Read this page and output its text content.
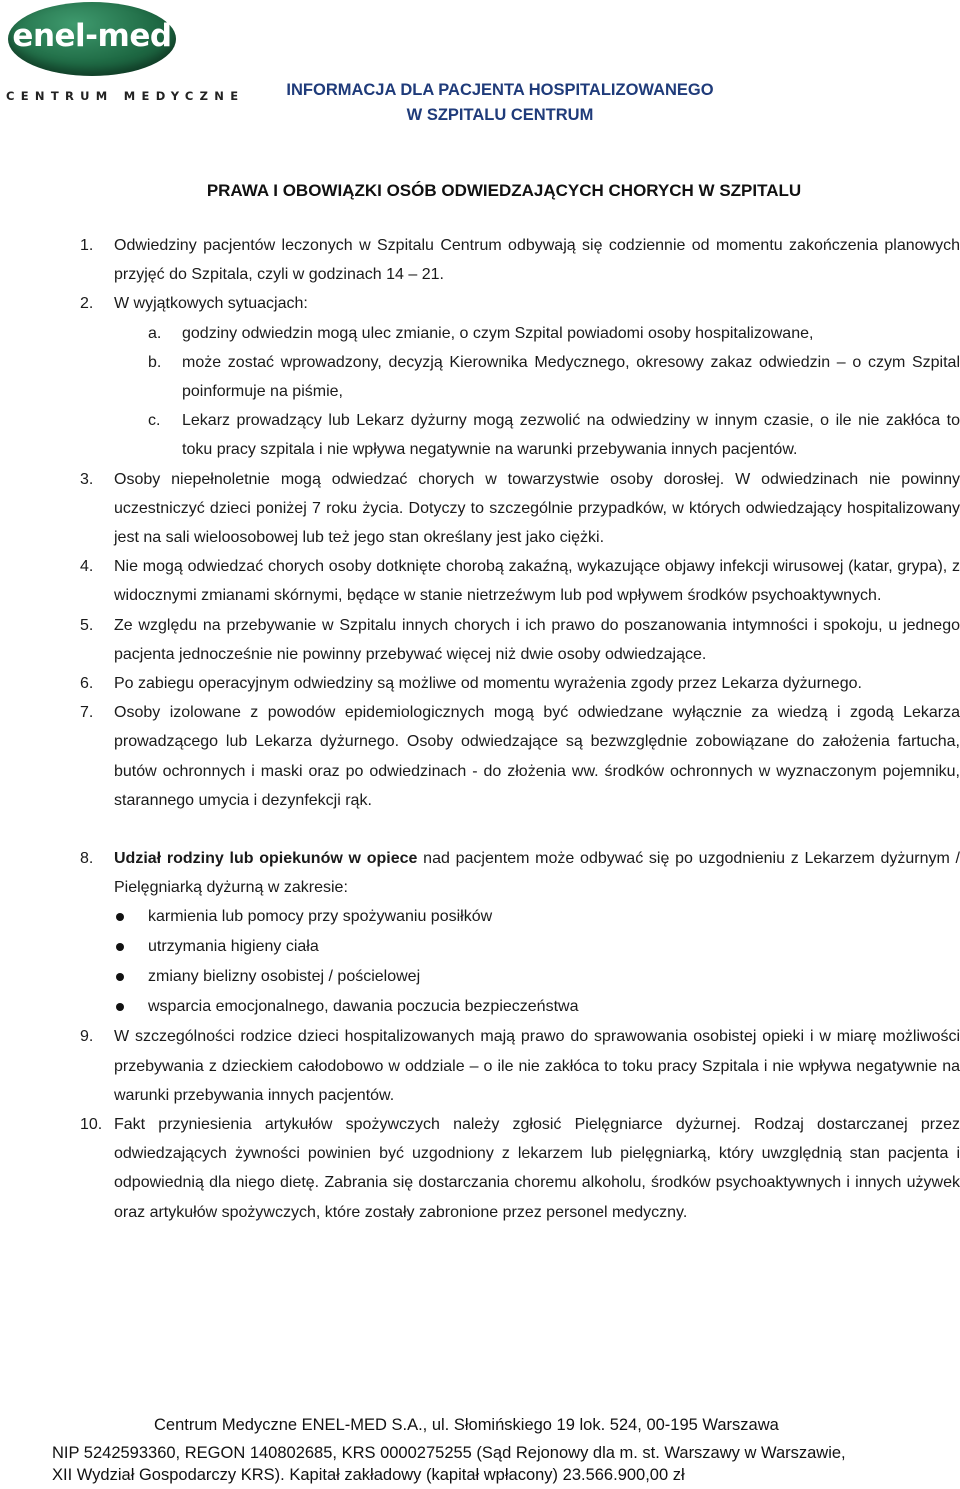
enel-med
CENTRUM MEDYCZNE	INFORMACJA DLA PACJENTA HOSPITALIZOWANEGO
W SZPITALU CENTRUM
PRAWA I OBOWIĄZKI OSÓB ODWIEDZAJĄCYCH CHORYCH W SZPITALU
1.	Odwiedziny pacjentów leczonych w Szpitalu Centrum odbywają się codziennie od momentu zakończenia planowych przyjęć do Szpitala, czyli w godzinach 14 – 21.
2.	W wyjątkowych sytuacjach:
a.	godziny odwiedzin mogą ulec zmianie, o czym Szpital powiadomi osoby hospitalizowane,
b.	może zostać wprowadzony, decyzją Kierownika Medycznego, okresowy zakaz odwiedzin – o czym Szpital poinformuje na piśmie,
c.	Lekarz prowadzący lub Lekarz dyżurny mogą zezwolić na odwiedziny w innym czasie, o ile nie zakłóca to toku pracy szpitala i nie wpływa negatywnie na warunki przebywania innych pacjentów.
3.	Osoby niepełnoletnie mogą odwiedzać chorych w towarzystwie osoby dorosłej. W odwiedzinach nie powinny uczestniczyć dzieci poniżej 7 roku życia. Dotyczy to szczególnie przypadków, w których odwiedzający hospitalizowany jest na sali wieloosobowej lub też jego stan określany jest jako ciężki.
4.	Nie mogą odwiedzać chorych osoby dotknięte chorobą zakaźną, wykazujące objawy infekcji wirusowej (katar, grypa), z widocznymi zmianami skórnymi, będące w stanie nietrzeźwym lub pod wpływem środków psychoaktywnych.
5.	Ze względu na przebywanie w Szpitalu innych chorych i ich prawo do poszanowania intymności i spokoju, u jednego pacjenta jednocześnie nie powinny przebywać więcej niż dwie osoby odwiedzające.
6.	Po zabiegu operacyjnym odwiedziny są możliwe od momentu wyrażenia zgody przez Lekarza dyżurnego.
7.	Osoby izolowane z powodów epidemiologicznych mogą być odwiedzane wyłącznie za wiedzą i zgodą Lekarza prowadzącego lub Lekarza dyżurnego. Osoby odwiedzające są bezwzględnie zobowiązane do założenia fartucha, butów ochronnych i maski oraz po odwiedzinach - do złożenia ww. środków ochronnych w wyznaczonym pojemniku, starannego umycia i dezynfekcji rąk.
8.	Udział rodziny lub opiekunów w opiece nad pacjentem może odbywać się po uzgodnieniu z Lekarzem dyżurnym / Pielęgniarką dyżurną w zakresie:
karmienia lub pomocy przy spożywaniu posiłków
utrzymania higieny ciała
zmiany bielizny osobistej / pościelowej
wsparcia emocjonalnego, dawania poczucia bezpieczeństwa
9.	W szczególności rodzice dzieci hospitalizowanych mają prawo do sprawowania osobistej opieki i w miarę możliwości przebywania z dzieckiem całodobowo w oddziale – o ile nie zakłóca to toku pracy Szpitala i nie wpływa negatywnie na warunki przebywania innych pacjentów.
10. Fakt przyniesienia artykułów spożywczych należy zgłosić Pielęgniarce dyżurnej. Rodzaj dostarczanej przez odwiedzających żywności powinien być uzgodniony z lekarzem lub pielęgniarką, który uwzględnią stan pacjenta i odpowiednią dla niego dietę. Zabrania się dostarczania choremu alkoholu, środków psychoaktywnych i innych używek oraz artykułów spożywczych, które zostały zabronione przez personel medyczny.
Centrum Medyczne ENEL-MED S.A., ul. Słomińskiego 19 lok. 524, 00-195 Warszawa
NIP 5242593360, REGON 140802685, KRS 0000275255 (Sąd Rejonowy dla m. st. Warszawy w Warszawie,
XII Wydział Gospodarczy KRS). Kapitał zakładowy (kapitał wpłacony) 23.566.900,00 zł
